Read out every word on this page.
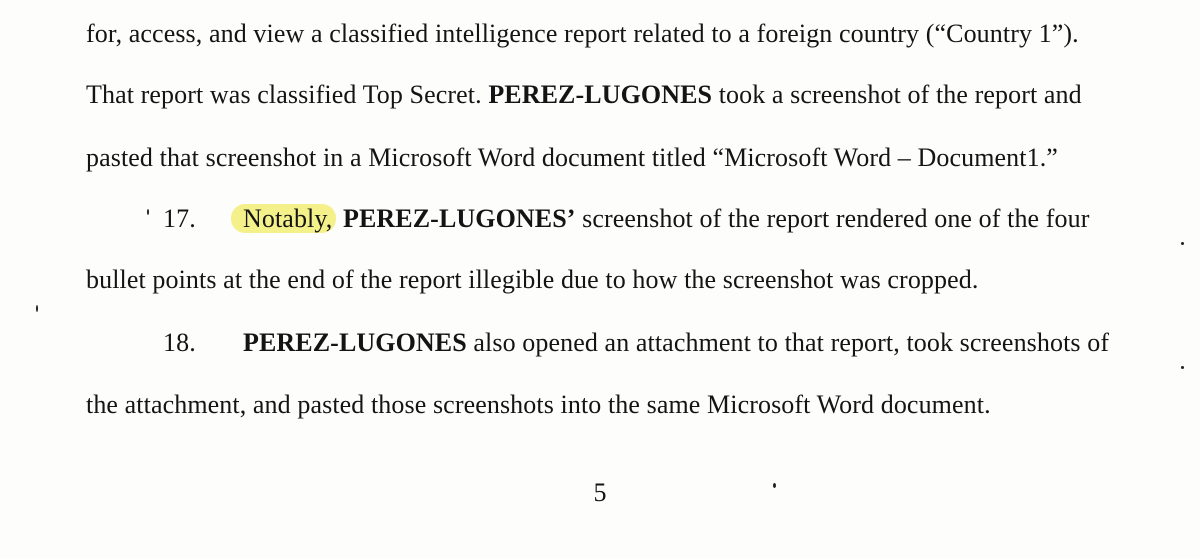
for, access, and view a classified intelligence report related to a foreign country (“Country 1”).
That report was classified Top Secret. PEREZ-LUGONES took a screenshot of the report and
pasted that screenshot in a Microsoft Word document titled “Microsoft Word – Document1.”
17. Notably, PEREZ-LUGONES’ screenshot of the report rendered one of the four
bullet points at the end of the report illegible due to how the screenshot was cropped.
18. PEREZ-LUGONES also opened an attachment to that report, took screenshots of
the attachment, and pasted those screenshots into the same Microsoft Word document.
5
